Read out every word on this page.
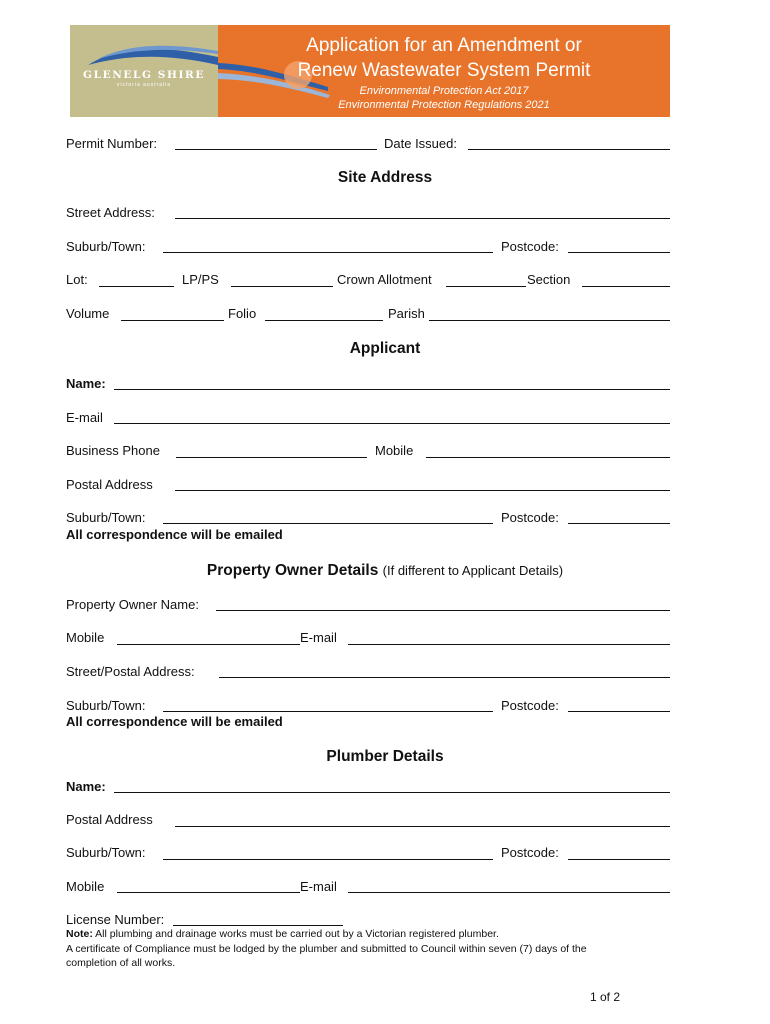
GLENELG SHIRE
victoria australia
Application for an Amendment or
Renew Wastewater System Permit
Environmental Protection Act 2017
Environmental Protection Regulations 2021
Permit Number:	Date Issued:
Site Address
Street Address:
Suburb/Town:	Postcode:
Lot:	LP/PS	Crown Allotment	Section
Volume	Folio	Parish
Applicant
Name:
E-mail
Business Phone	Mobile
Postal Address
Suburb/Town:	Postcode:
All correspondence will be emailed
Property Owner Details (If different to Applicant Details)
Property Owner Name:
Mobile	E-mail
Street/Postal Address:
Suburb/Town:	Postcode:
All correspondence will be emailed
Plumber Details
Name:
Postal Address
Suburb/Town:	Postcode:
Mobile	E-mail
License Number:
Note: All plumbing and drainage works must be carried out by a Victorian registered plumber.
A certificate of Compliance must be lodged by the plumber and submitted to Council within seven (7) days of the
completion of all works.
1 of 2
